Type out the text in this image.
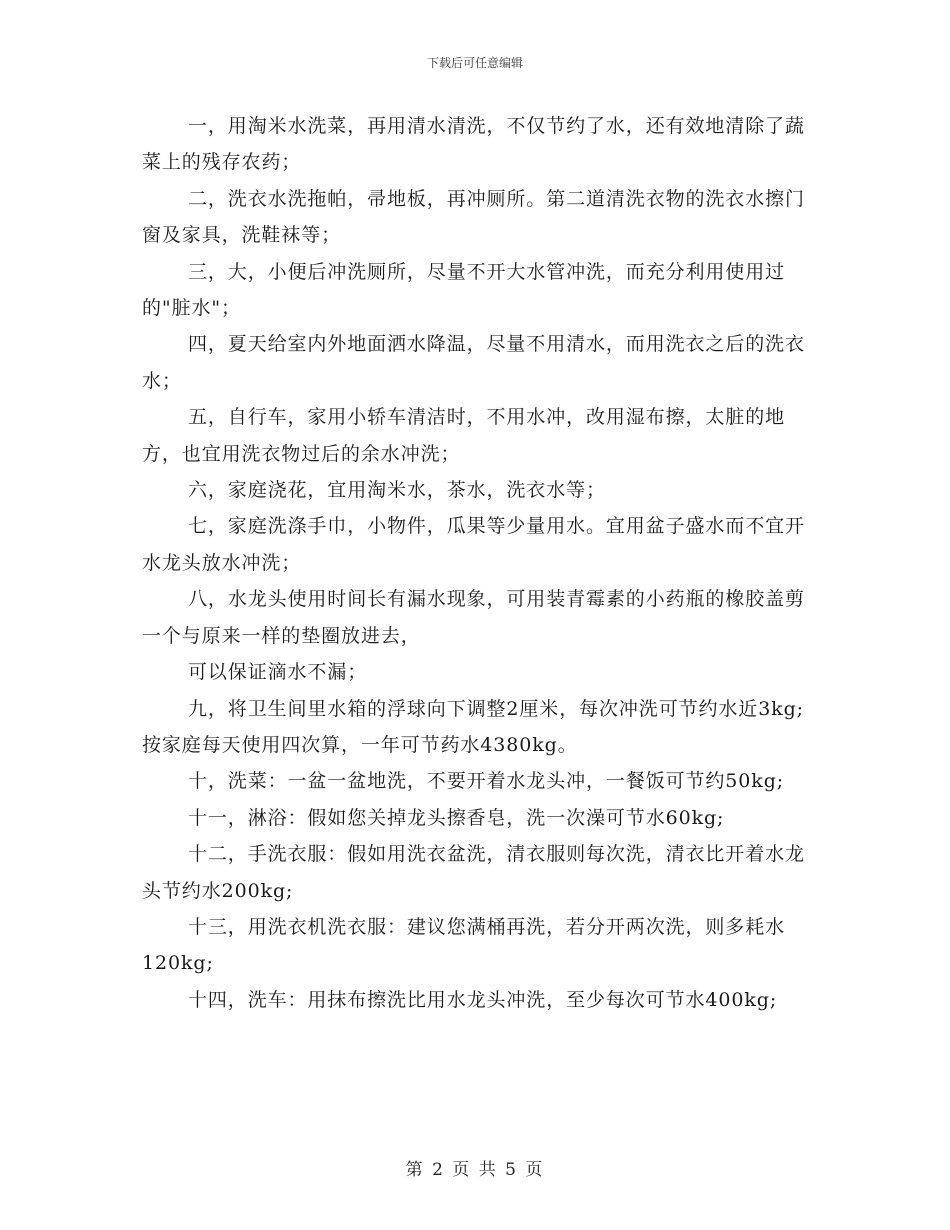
下载后可任意编辑

一，用淘米水洗菜，再用清水清洗，不仅节约了水，还有效地清除了蔬菜上的残存农药；

二，洗衣水洗拖帕，帚地板，再冲厕所。第二道清洗衣物的洗衣水擦门窗及家具，洗鞋袜等；

三，大，小便后冲洗厕所，尽量不开大水管冲洗，而充分利用使用过的"脏水"；

四，夏天给室内外地面洒水降温，尽量不用清水，而用洗衣之后的洗衣水；

五，自行车，家用小轿车清洁时，不用水冲，改用湿布擦，太脏的地方，也宜用洗衣物过后的余水冲洗；

六，家庭浇花，宜用淘米水，茶水，洗衣水等；

七，家庭洗涤手巾，小物件，瓜果等少量用水。宜用盆子盛水而不宜开水龙头放水冲洗；

八，水龙头使用时间长有漏水现象，可用装青霉素的小药瓶的橡胶盖剪一个与原来一样的垫圈放进去，

可以保证滴水不漏；

九，将卫生间里水箱的浮球向下调整2厘米，每次冲洗可节约水近3kg;按家庭每天使用四次算，一年可节药水4380kg。

十，洗菜：一盆一盆地洗，不要开着水龙头冲，一餐饭可节约50kg;

十一，淋浴：假如您关掉龙头擦香皂，洗一次澡可节水60kg;

十二，手洗衣服：假如用洗衣盆洗，清衣服则每次洗，清衣比开着水龙头节约水200kg;

十三，用洗衣机洗衣服：建议您满桶再洗，若分开两次洗，则多耗水120kg;

十四，洗车：用抹布擦洗比用水龙头冲洗，至少每次可节水400kg;

第 2 页 共 5 页
